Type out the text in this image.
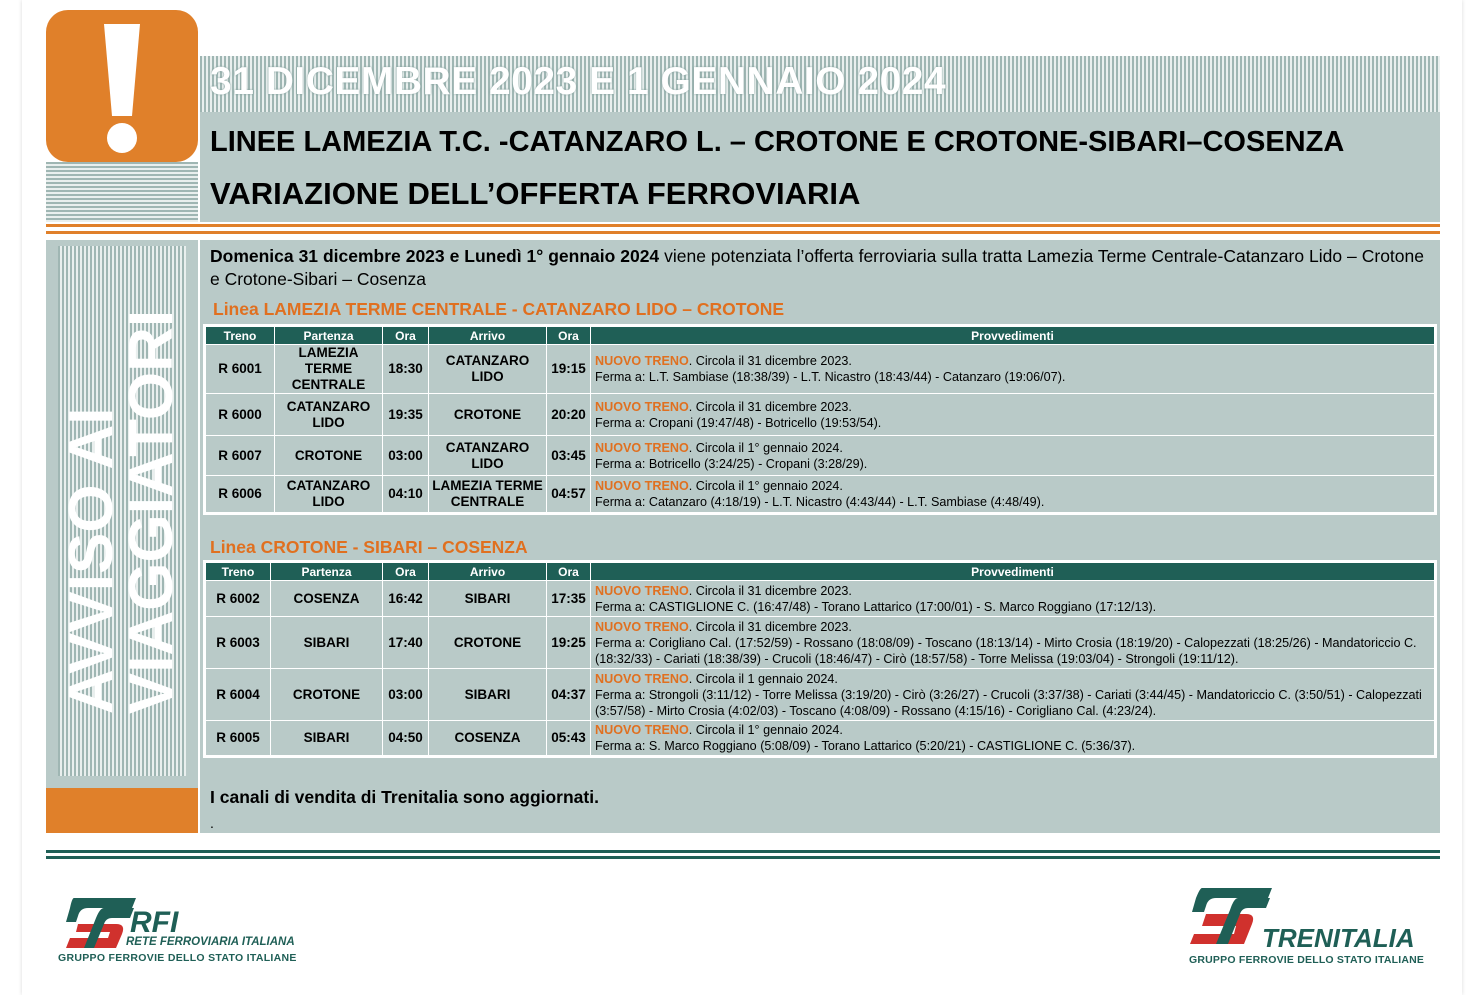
31 DICEMBRE 2023 E 1 GENNAIO 2024
LINEE LAMEZIA T.C. -CATANZARO L. – CROTONE E CROTONE-SIBARI–COSENZA
VARIAZIONE DELL’OFFERTA FERROVIARIA
AVVISO AI
VIAGGIATORI
Domenica 31 dicembre 2023 e Lunedì 1° gennaio 2024 viene potenziata l’offerta ferroviaria sulla tratta Lamezia Terme Centrale-Catanzaro Lido – Crotone e Crotone-Sibari – Cosenza
Linea LAMEZIA TERME CENTRALE - CATANZARO LIDO – CROTONE
Treno	Partenza	Ora	Arrivo	Ora	Provvedimenti
R 6001	LAMEZIA TERME CENTRALE	18:30	CATANZARO LIDO	19:15	NUOVO TRENO. Circola il 31 dicembre 2023.
Ferma a: L.T. Sambiase (18:38/39) - L.T. Nicastro (18:43/44) - Catanzaro (19:06/07).
R 6000	CATANZARO LIDO	19:35	CROTONE	20:20	NUOVO TRENO. Circola il 31 dicembre 2023.
Ferma a: Cropani (19:47/48) - Botricello (19:53/54).
R 6007	CROTONE	03:00	CATANZARO LIDO	03:45	NUOVO TRENO. Circola il 1° gennaio 2024.
Ferma a: Botricello (3:24/25) - Cropani (3:28/29).
R 6006	CATANZARO LIDO	04:10	LAMEZIA TERME CENTRALE	04:57	NUOVO TRENO. Circola il 1° gennaio 2024.
Ferma a: Catanzaro (4:18/19) - L.T. Nicastro (4:43/44) - L.T. Sambiase (4:48/49).
Linea CROTONE - SIBARI – COSENZA
Treno	Partenza	Ora	Arrivo	Ora	Provvedimenti
R 6002	COSENZA	16:42	SIBARI	17:35	NUOVO TRENO. Circola il 31 dicembre 2023.
Ferma a: CASTIGLIONE C. (16:47/48) - Torano Lattarico (17:00/01) - S. Marco Roggiano (17:12/13).
R 6003	SIBARI	17:40	CROTONE	19:25	NUOVO TRENO. Circola il 31 dicembre 2023.
Ferma a: Corigliano Cal. (17:52/59) - Rossano (18:08/09) - Toscano (18:13/14) - Mirto Crosia (18:19/20) - Calopezzati (18:25/26) - Mandatoriccio C. (18:32/33) - Cariati (18:38/39) - Crucoli (18:46/47) - Cirò (18:57/58) - Torre Melissa (19:03/04) - Strongoli (19:11/12).
R 6004	CROTONE	03:00	SIBARI	04:37	NUOVO TRENO. Circola il 1 gennaio 2024.
Ferma a: Strongoli (3:11/12) - Torre Melissa (3:19/20) - Cirò (3:26/27) - Crucoli (3:37/38) - Cariati (3:44/45) - Mandatoriccio C. (3:50/51) - Calopezzati (3:57/58) - Mirto Crosia (4:02/03) - Toscano (4:08/09) - Rossano (4:15/16) - Corigliano Cal. (4:23/24).
R 6005	SIBARI	04:50	COSENZA	05:43	NUOVO TRENO. Circola il 1° gennaio 2024.
Ferma a: S. Marco Roggiano (5:08/09) - Torano Lattarico (5:20/21) - CASTIGLIONE C. (5:36/37).
I canali di vendita di Trenitalia sono aggiornati.
.
RFI
RETE FERROVIARIA ITALIANA
GRUPPO FERROVIE DELLO STATO ITALIANE
TRENITALIA
GRUPPO FERROVIE DELLO STATO ITALIANE
